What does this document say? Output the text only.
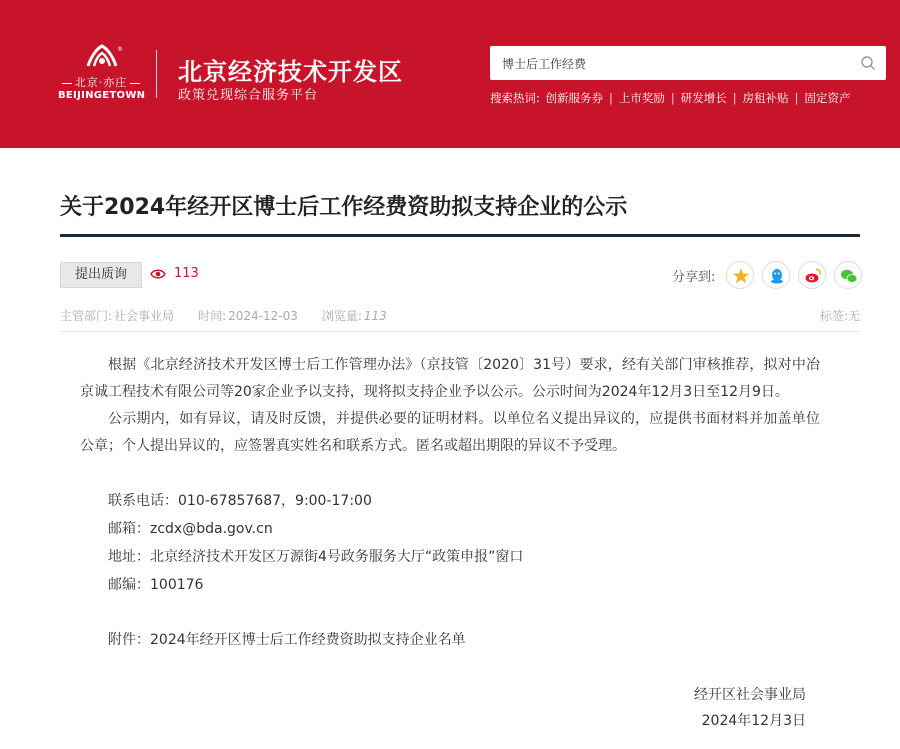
®
北京·亦庄
BEIJINGETOWN
北京经济技术开发区
政策兑现综合服务平台
博士后工作经费	搜索热词: 创新服务券 | 上市奖励 | 研发增长 | 房租补贴 | 固定资产
关于2024年经开区博士后工作经费资助拟支持企业的公示
提出质询	113	分享到:
主管部门: 社会事业局 时间: 2024-12-03 浏览量: 113	标签:无

根据《北京经济技术开发区博士后工作管理办法》（京技管〔2020〕31号）要求，经有关部门审核推荐，拟对中冶京诚工程技术有限公司等20家企业予以支持，现将拟支持企业予以公示。公示时间为2024年12月3日至12月9日。

公示期内，如有异议，请及时反馈，并提供必要的证明材料。以单位名义提出异议的，应提供书面材料并加盖单位公章；个人提出异议的，应签署真实姓名和联系方式。匿名或超出期限的异议不予受理。

联系电话：010-67857687，9:00-17:00
邮箱：zcdx@bda.gov.cn
地址：北京经济技术开发区万源街4号政务服务大厅“政策申报”窗口
邮编：100176
附件：2024年经开区博士后工作经费资助拟支持企业名单
经开区社会事业局
2024年12月3日
